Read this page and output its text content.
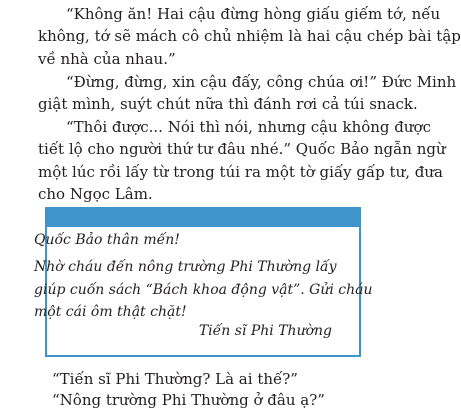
“Không ăn! Hai cậu đừng hòng giấu giếm tớ, nếu
không, tớ sẽ mách cô chủ nhiệm là hai cậu chép bài tập
về nhà của nhau.”
“Đừng, đừng, xin cậu đấy, công chúa ơi!” Đức Minh
giật mình, suýt chút nữa thì đánh rơi cả túi snack.
“Thôi được... Nói thì nói, nhưng cậu không được
tiết lộ cho người thứ tư đâu nhé.” Quốc Bảo ngẫn ngừ
một lúc rồi lấy từ trong túi ra một tờ giấy gấp tư, đưa
cho Ngọc Lâm.
Quốc Bảo thân mến!
Nhờ cháu đến nông trường Phi Thường lấy
giúp cuốn sách “Bách khoa động vật”. Gửi cháu
một cái ôm thật chặt!
Tiến sĩ Phi Thường
“Tiến sĩ Phi Thường? Là ai thế?”
“Nông trường Phi Thường ở đâu ạ?”
